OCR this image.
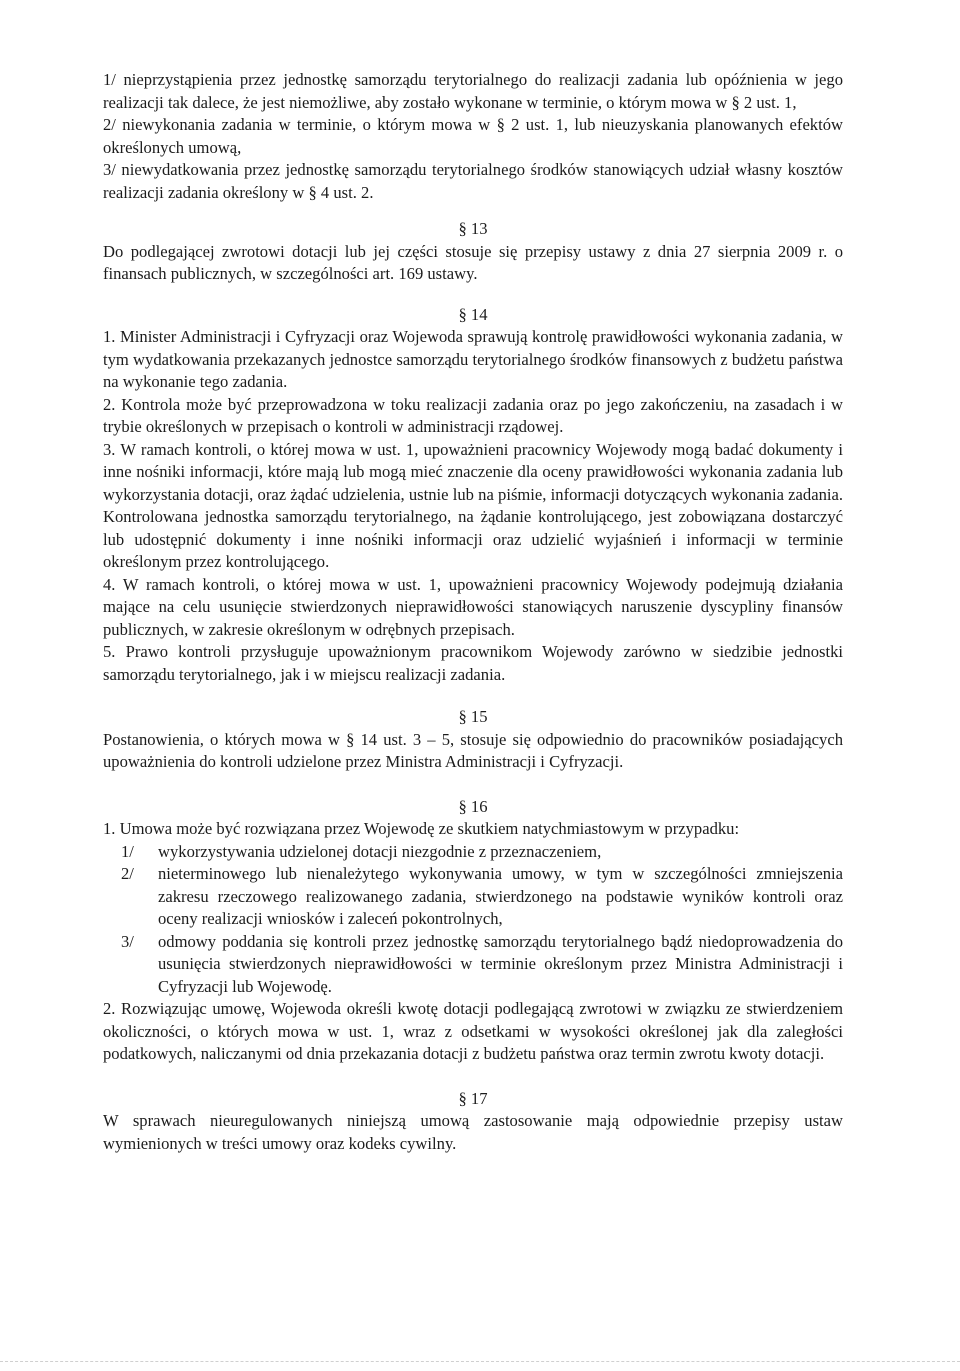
1/ nieprzystąpienia przez jednostkę samorządu terytorialnego do realizacji zadania lub opóźnienia w jego realizacji tak dalece, że jest niemożliwe, aby zostało wykonane w terminie, o którym mowa w § 2 ust. 1,

2/ niewykonania zadania w terminie, o którym mowa w § 2 ust. 1, lub nieuzyskania planowanych efektów określonych umową,

3/ niewydatkowania przez jednostkę samorządu terytorialnego środków stanowiących udział własny kosztów realizacji zadania określony w § 4 ust. 2.

§ 13

Do podlegającej zwrotowi dotacji lub jej części stosuje się przepisy ustawy z dnia 27 sierpnia 2009 r. o finansach publicznych, w szczególności art. 169 ustawy.

§ 14

1. Minister Administracji i Cyfryzacji oraz Wojewoda sprawują kontrolę prawidłowości wykonania zadania, w tym wydatkowania przekazanych jednostce samorządu terytorialnego środków finansowych z budżetu państwa na wykonanie tego zadania.

2. Kontrola może być przeprowadzona w toku realizacji zadania oraz po jego zakończeniu, na zasadach i w trybie określonych w przepisach o kontroli w administracji rządowej.

3. W ramach kontroli, o której mowa w ust. 1, upoważnieni pracownicy Wojewody mogą badać dokumenty i inne nośniki informacji, które mają lub mogą mieć znaczenie dla oceny prawidłowości wykonania zadania lub wykorzystania dotacji, oraz żądać udzielenia, ustnie lub na piśmie, informacji dotyczących wykonania zadania. Kontrolowana jednostka samorządu terytorialnego, na żądanie kontrolującego, jest zobowiązana dostarczyć lub udostępnić dokumenty i inne nośniki informacji oraz udzielić wyjaśnień i informacji w terminie określonym przez kontrolującego.

4. W ramach kontroli, o której mowa w ust. 1, upoważnieni pracownicy Wojewody podejmują działania mające na celu usunięcie stwierdzonych nieprawidłowości stanowiących naruszenie dyscypliny finansów publicznych, w zakresie określonym w odrębnych przepisach.

5. Prawo kontroli przysługuje upoważnionym pracownikom Wojewody zarówno w siedzibie jednostki samorządu terytorialnego, jak i w miejscu realizacji zadania.

§ 15

Postanowienia, o których mowa w § 14 ust. 3 – 5, stosuje się odpowiednio do pracowników posiadających upoważnienia do kontroli udzielone przez Ministra Administracji i Cyfryzacji.

§ 16

1. Umowa może być rozwiązana przez Wojewodę ze skutkiem natychmiastowym w przypadku:

1/ wykorzystywania udzielonej dotacji niezgodnie z przeznaczeniem,
2/ nieterminowego lub nienależytego wykonywania umowy, w tym w szczególności zmniejszenia zakresu rzeczowego realizowanego zadania, stwierdzonego na podstawie wyników kontroli oraz oceny realizacji wniosków i zaleceń pokontrolnych,
3/ odmowy poddania się kontroli przez jednostkę samorządu terytorialnego bądź niedoprowadzenia do usunięcia stwierdzonych nieprawidłowości w terminie określonym przez Ministra Administracji i Cyfryzacji lub Wojewodę.

2. Rozwiązując umowę, Wojewoda określi kwotę dotacji podlegającą zwrotowi w związku ze stwierdzeniem okoliczności, o których mowa w ust. 1, wraz z odsetkami w wysokości określonej jak dla zaległości podatkowych, naliczanymi od dnia przekazania dotacji z budżetu państwa oraz termin zwrotu kwoty dotacji.

§ 17

W sprawach nieuregulowanych niniejszą umową zastosowanie mają odpowiednie przepisy ustaw wymienionych w treści umowy oraz kodeks cywilny.
